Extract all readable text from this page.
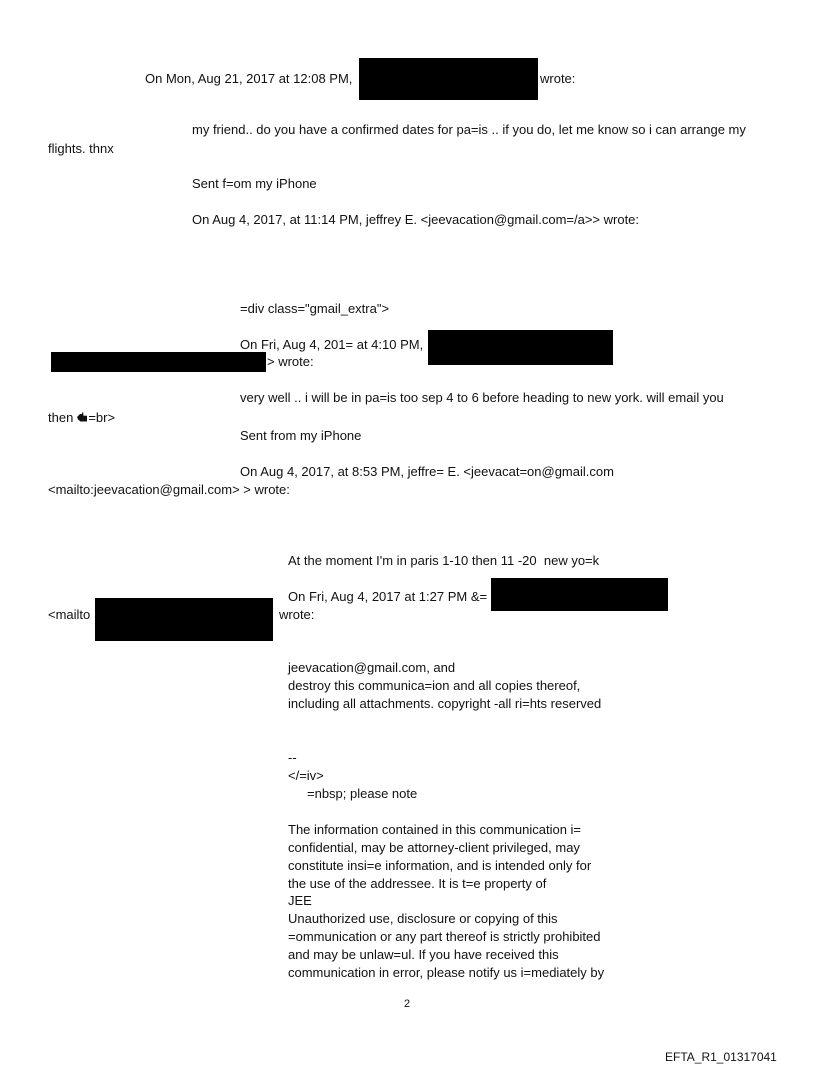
On Mon, Aug 21, 2017 at 12:08 PM,	wrote:
my friend.. do you have a confirmed dates for pa=is .. if you do, let me know so i can arrange my
flights. thnx
Sent f=om my iPhone
On Aug 4, 2017, at 11:14 PM, jeffrey E. <jeevacation@gmail.com=/a>> wrote:
=div class="gmail_extra">
On Fri, Aug 4, 201= at 4:10 PM,
> wrote:
very well .. i will be in pa=is too sep 4 to 6 before heading to new york. will email you
then =br>
Sent from my iPhone
On Aug 4, 2017, at 8:53 PM, jeffre= E. <jeevacat=on@gmail.com
<mailto:jeevacation@gmail.com> > wrote:
At the moment I'm in paris 1-10 then 11 -20  new yo=k
On Fri, Aug 4, 2017 at 1:27 PM &=
<mailto	wrote:
jeevacation@gmail.com, and
destroy this communica=ion and all copies thereof,
including all attachments. copyright -all ri=hts reserved
--
</=iv>
=nbsp; please note
The information contained in this communication i=
confidential, may be attorney-client privileged, may
constitute insi=e information, and is intended only for
the use of the addressee. It is t=e property of
JEE
Unauthorized use, disclosure or copying of this
=ommunication or any part thereof is strictly prohibited
and may be unlaw=ul. If you have received this
communication in error, please notify us i=mediately by
2
EFTA_R1_01317041
